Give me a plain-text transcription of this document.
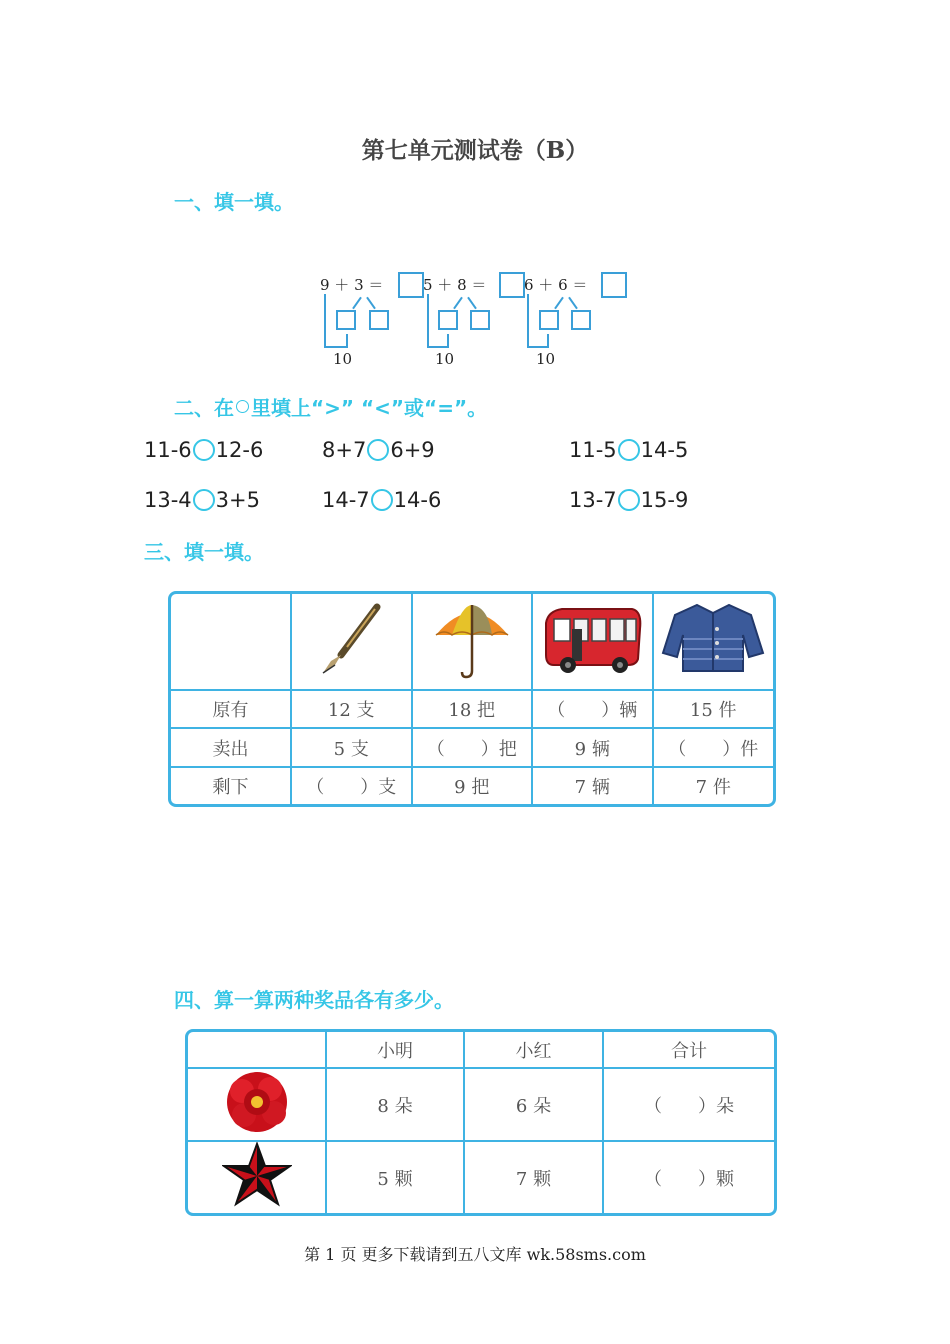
第七单元测试卷（B）
一、填一填。
9 ＋ 3 ＝
10
5 ＋ 8 ＝
10
6 ＋ 6 ＝
10
二、在 里填上“>” “<”或“=”。
11-6 12-6	8+7 6+9	11-5 14-5
13-4 3+5	14-7 14-6	13-7 15-9
三、填一填。

原有	12 支	18 把	（　　）辆	15 件
卖出	5 支	（　　）把	9 辆	（　　）件
剩下	（　　）支	9 把	7 辆	7 件
四、算一算两种奖品各有多少。
	小明	小红	合计
	8 朵	6 朵	（　　）朵
	5 颗	7 颗	（　　）颗
第 1 页 更多下载请到五八文库 wk.58sms.com
